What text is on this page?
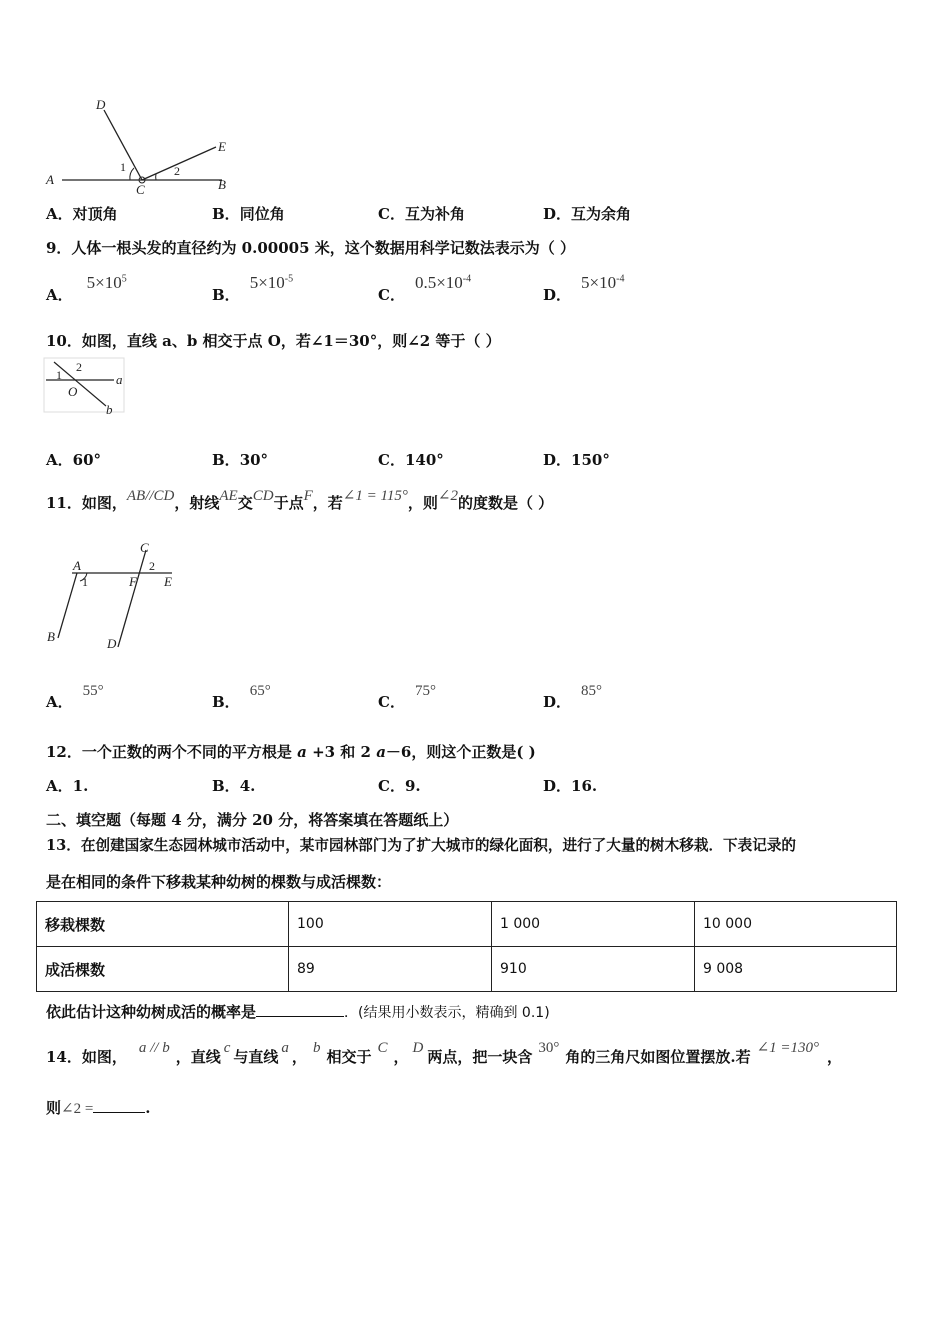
D
E
A	B
C
1	2
A．对顶角	B．同位角	C．互为补角	D．互为余角
9．人体一根头发的直径约为 0.00005 米，这个数据用科学记数法表示为（ ）
A．$5\times 10^5$
B．$5\times 10^{-5}$
C．$0.5\times 10^{-4}$
D．$5\times 10^{-4}$
10．如图，直线 a、b 相交于点 O，若∠1＝30°，则∠2 等于（ ）
1
2
O
a
b
A．60°	B．30°	C．140°	D．150°
11．如图，AB//CD，射线AE交CD于点F，若∠1 = 115°，则∠2的度数是（ ）
C
A	2
1	F E
B	D
A．55°
B．65°
C．75°
D．85°
12．一个正数的两个不同的平方根是 a +3 和 2 a－6，则这个正数是( )
A．1.	B．4.	C．9.	D．16.
二、填空题（每题 4 分，满分 20 分，将答案填在答题纸上）
13．在创建国家生态园林城市活动中，某市园林部门为了扩大城市的绿化面积，进行了大量的树木移栽．下表记录的
是在相同的条件下移栽某种幼树的棵数与成活棵数：
移栽棵数	100	1 000	10 000
成活棵数	89	910	9 008
依此估计这种幼树成活的概率是	．(结果用小数表示，精确到 0.1)
14．如图， a // b ，直线 c 与直线 a ， b 相交于 C ， D 两点，把一块含 30° 角的三角尺如图位置摆放.若 ∠1 =130° ，
则∠2 =	.
